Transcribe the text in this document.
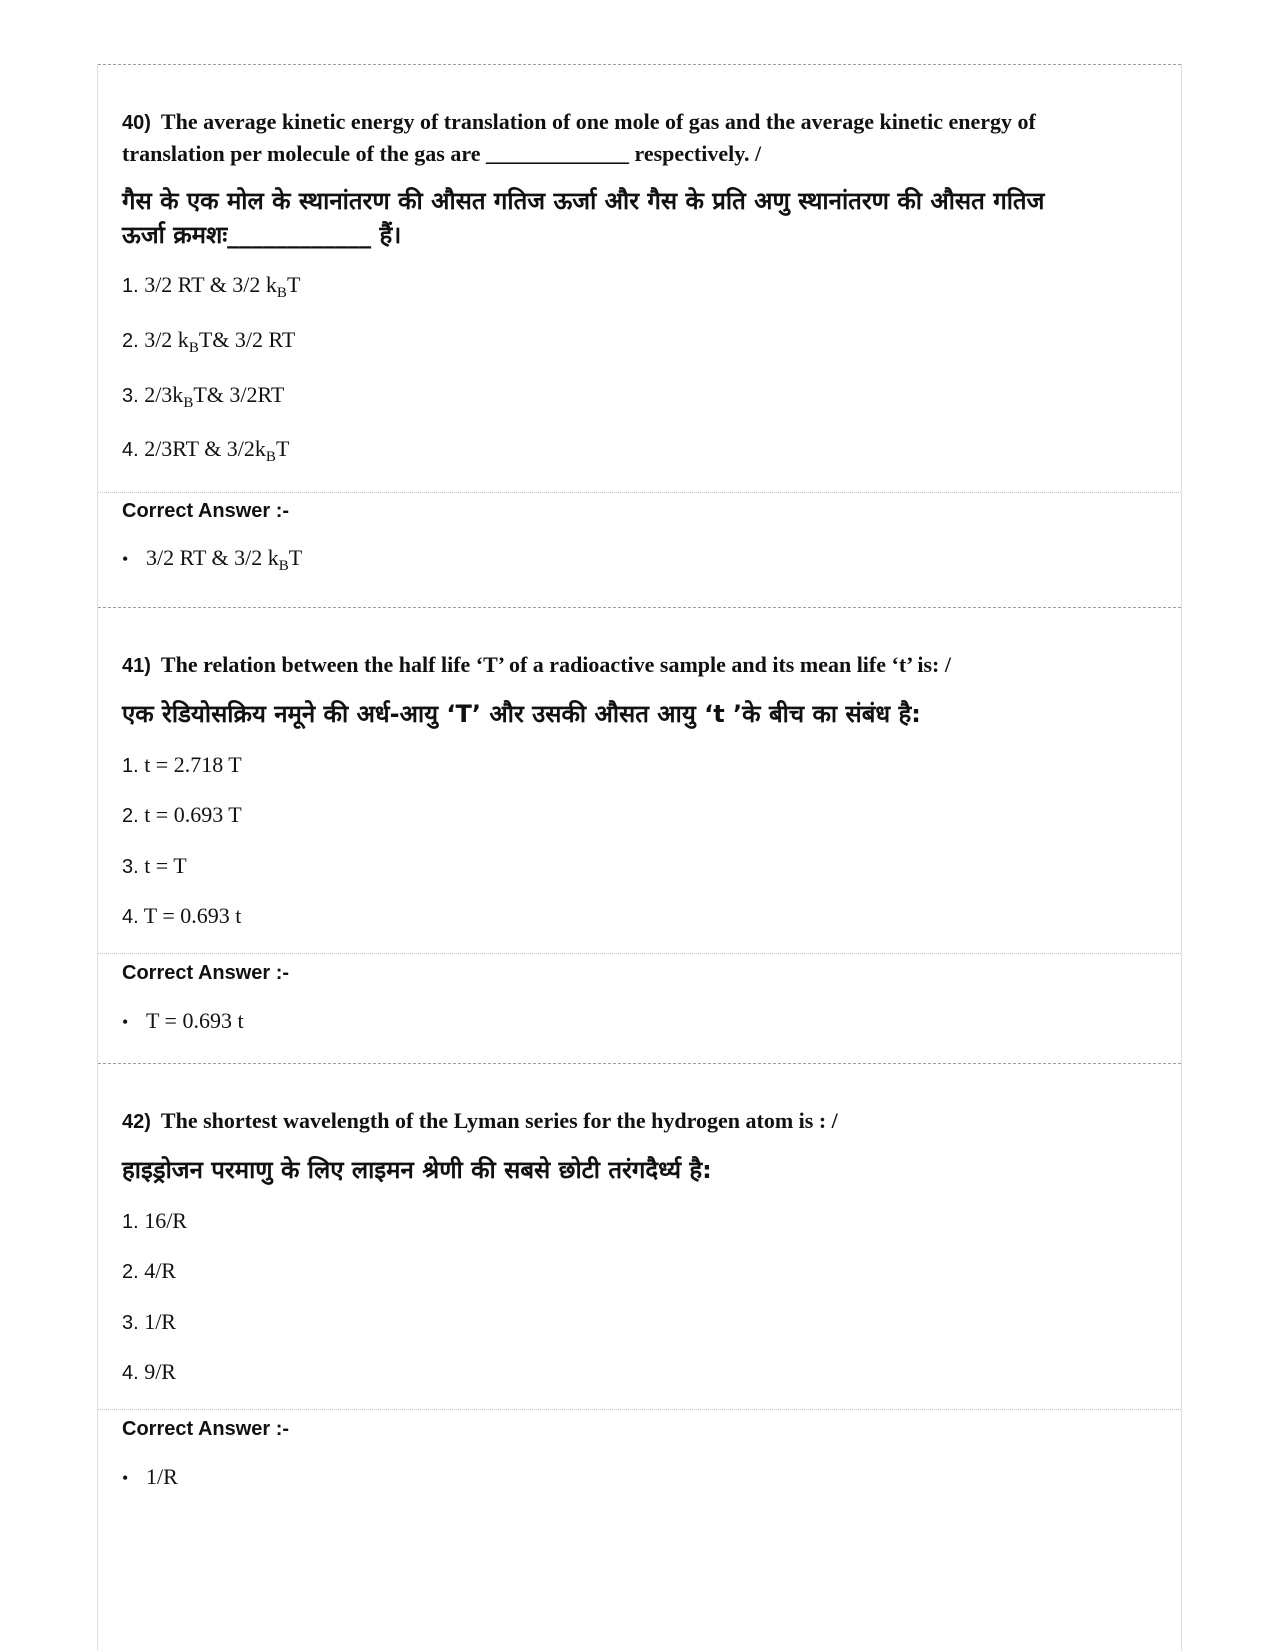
40) The average kinetic energy of translation of one mole of gas and the average kinetic energy of
translation per molecule of the gas are _____________ respectively. /
गैस के एक मोल के स्थानांतरण की औसत गतिज ऊर्जा और गैस के प्रति अणु स्थानांतरण की औसत गतिज
ऊर्जा क्रमशः____________ हैं।
1. 3/2 RT & 3/2 $k_BT$
2. 3/2 $k_BT\&$ 3/2 RT
3. $2/3k_BT\&$ 3/2RT
4. 2/3RT & $3/2k_BT$
Correct Answer :-
• 3/2 RT & 3/2 $k_BT$
41) The relation between the half life ‘T’ of a radioactive sample and its mean life ‘t’ is: /
एक रेडियोसक्रिय नमूने की अर्ध-आयु ‘T’ और उसकी औसत आयु ‘t ’के बीच का संबंध है:
1. t = 2.718 T
2. t = 0.693 T
3. t = T
4. T = 0.693 t
Correct Answer :-
• T = 0.693 t
42) The shortest wavelength of the Lyman series for the hydrogen atom is : /
हाइड्रोजन परमाणु के लिए लाइमन श्रेणी की सबसे छोटी तरंगदैर्ध्य है:
1. 16/R
2. 4/R
3. 1/R
4. 9/R
Correct Answer :-
• 1/R
